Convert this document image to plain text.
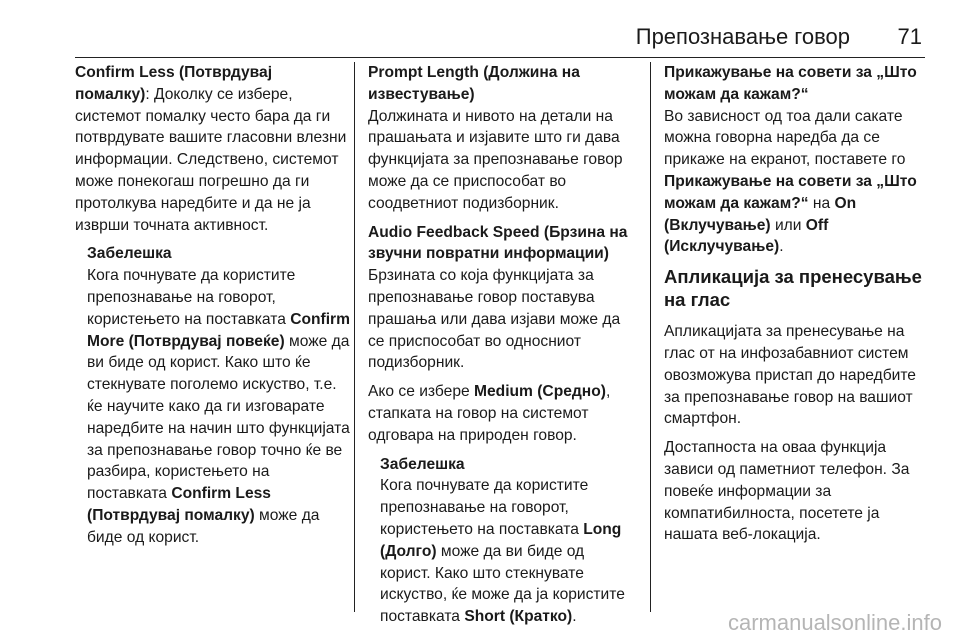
Препознавање говор 71

Confirm Less (Потврдувај помалку): Доколку се избере, системот помалку често бара да ги потврдувате вашите гласовни влезни информации. Следствено, системот може понекогаш погрешно да ги протолкува наредбите и да не ја изврши точната активност.

Забелешка

Кога почнувате да користите препознавање на говорот, користењето на поставката Confirm More (Потврдувај повеќе) може да ви биде од корист. Како што ќе стекнувате поголемо искуство, т.е. ќе научите како да ги изговарате наредбите на начин што функцијата за препознавање говор точно ќе ве разбира, користењето на поставката Confirm Less (Потврдувај помалку) може да биде од корист.

Prompt Length (Должина на известување)
Должината и нивото на детали на прашањата и изјавите што ги дава функцијата за препознавање говор може да се приспособат во соодветниот подизборник.

Audio Feedback Speed (Брзина на звучни повратни информации)
Брзината со која функцијата за препознавање говор поставува прашања или дава изјави може да се приспособат во односниот подизборник.

Ако се избере Medium (Средно), стапката на говор на системот одговара на природен говор.

Забелешка

Кога почнувате да користите препознавање на говорот, користењето на поставката Long (Долго) може да ви биде од корист. Како што стекнувате искуство, ќе може да ја користите поставката Short (Кратко).

Прикажување на совети за „Што можам да кажам?“
Во зависност од тоа дали сакате можна говорна наредба да се прикаже на екранот, поставете го Прикажување на совети за „Што можам да кажам?“ на On (Вклучување) или Off (Исклучување).

Апликација за пренесување на глас

Апликацијата за пренесување на глас от на инфозабавниот систем овозможува пристап до наредбите за препознавање говор на вашиот смартфон.

Достапноста на оваа функција зависи од паметниот телефон. За повеќе информации за компатибилноста, посетете ја нашата веб-локација.

carmanualsonline.info
